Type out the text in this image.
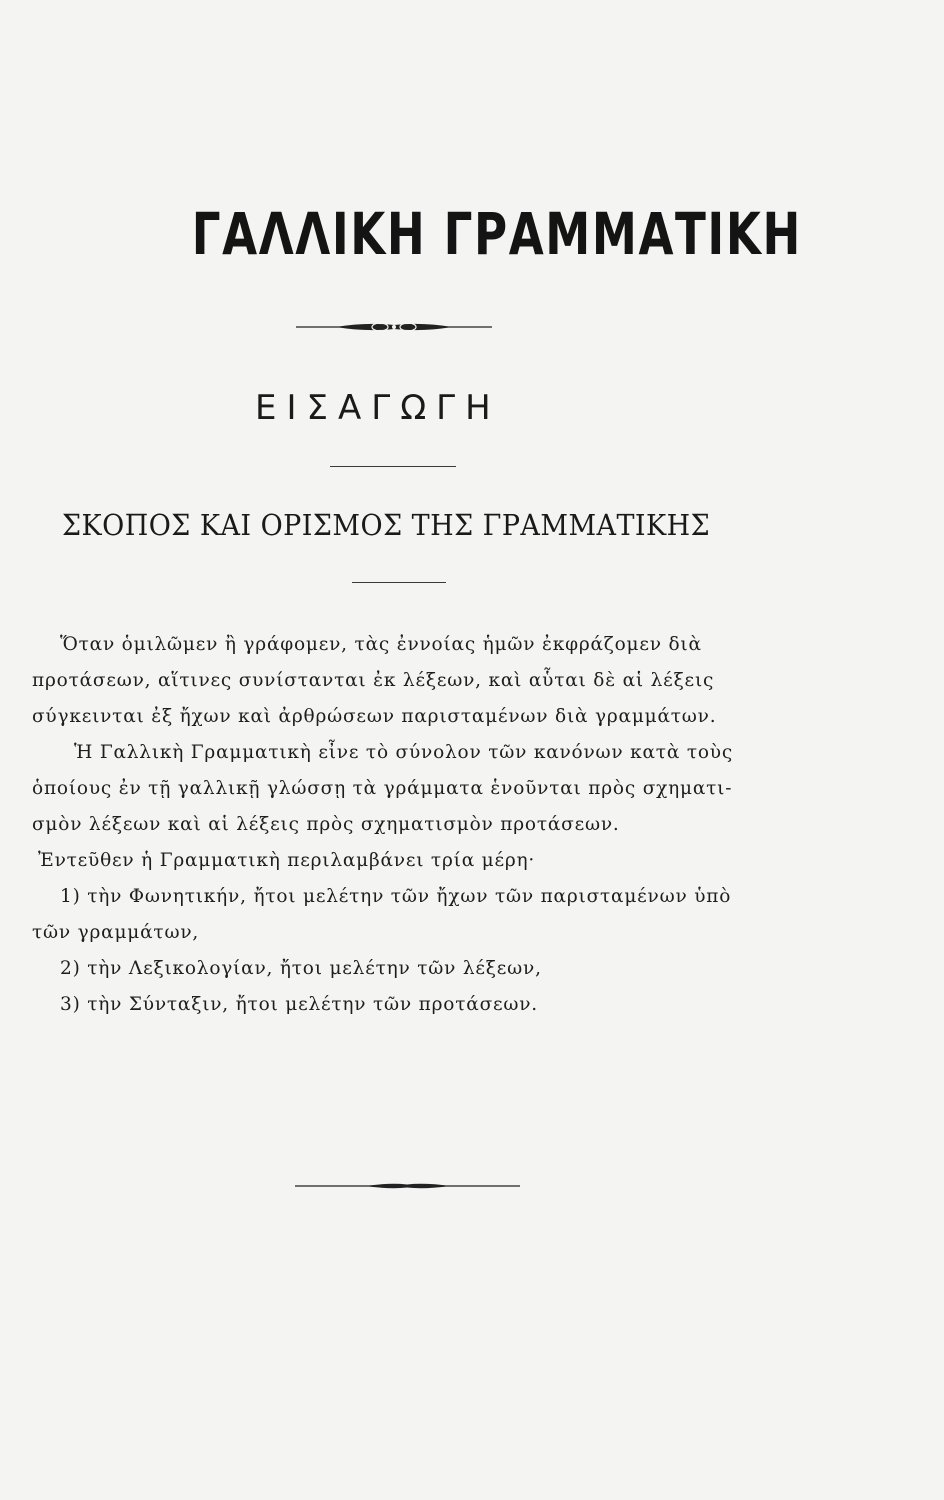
ΓΑΛΛΙΚΗ ΓΡΑΜΜΑΤΙΚΗ
ΕΙΣΑΓΩΓΗ
ΣΚΟΠΟΣ ΚΑΙ ΟΡΙΣΜΟΣ ΤΗΣ ΓΡΑΜΜΑΤΙΚΗΣ
Ὅταν ὁμιλῶμεν ἢ γράφομεν, τὰς ἐννοίας ἡμῶν ἐκφράζομεν διὰ
προτάσεων, αἵτινες συνίστανται ἐκ λέξεων, καὶ αὗται δὲ αἱ λέξεις
σύγκεινται ἐξ ἤχων καὶ ἀρθρώσεων παρισταμένων διὰ γραμμάτων.
Ἡ Γαλλικὴ Γραμματικὴ εἶνε τὸ σύνολον τῶν κανόνων κατὰ τοὺς
ὁποίους ἐν τῇ γαλλικῇ γλώσσῃ τὰ γράμματα ἑνοῦνται πρὸς σχηματι-
σμὸν λέξεων καὶ αἱ λέξεις πρὸς σχηματισμὸν προτάσεων.
Ἐντεῦθεν ἡ Γραμματικὴ περιλαμβάνει τρία μέρη·
1) τὴν Φωνητικήν, ἤτοι μελέτην τῶν ἤχων τῶν παρισταμένων ὑπὸ
τῶν γραμμάτων,
2) τὴν Λεξικολογίαν, ἤτοι μελέτην τῶν λέξεων,
3) τὴν Σύνταξιν, ἤτοι μελέτην τῶν προτάσεων.
